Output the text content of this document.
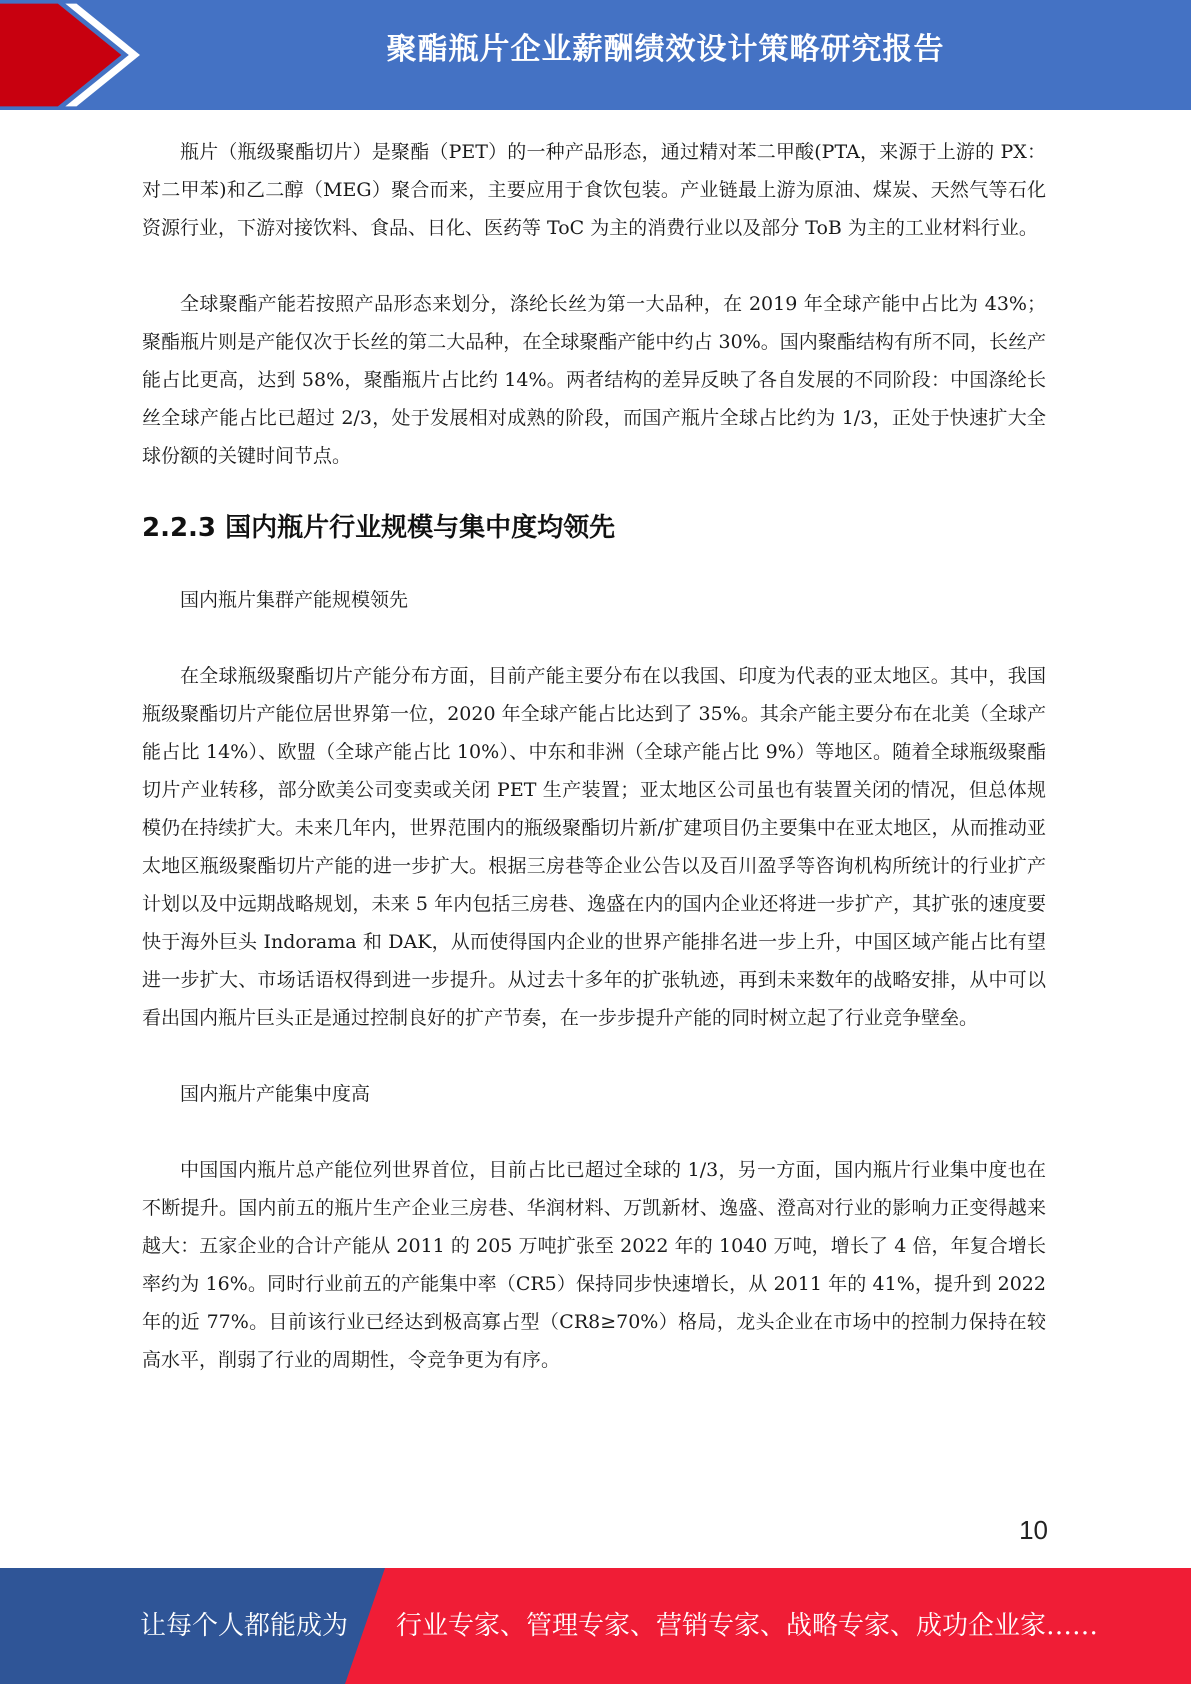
聚酯瓶片企业薪酬绩效设计策略研究报告

瓶片（瓶级聚酯切片）是聚酯（PET）的一种产品形态，通过精对苯二甲酸(PTA，来源于上游的 PX：对二甲苯)和乙二醇（MEG）聚合而来，主要应用于食饮包装。产业链最上游为原油、煤炭、天然气等石化资源行业，下游对接饮料、食品、日化、医药等 ToC 为主的消费行业以及部分 ToB 为主的工业材料行业。

全球聚酯产能若按照产品形态来划分，涤纶长丝为第一大品种，在 2019 年全球产能中占比为 43%；聚酯瓶片则是产能仅次于长丝的第二大品种，在全球聚酯产能中约占 30%。国内聚酯结构有所不同，长丝产能占比更高，达到 58%，聚酯瓶片占比约 14%。两者结构的差异反映了各自发展的不同阶段：中国涤纶长丝全球产能占比已超过 2/3，处于发展相对成熟的阶段，而国产瓶片全球占比约为 1/3，正处于快速扩大全球份额的关键时间节点。

2.2.3 国内瓶片行业规模与集中度均领先

国内瓶片集群产能规模领先

在全球瓶级聚酯切片产能分布方面，目前产能主要分布在以我国、印度为代表的亚太地区。其中，我国瓶级聚酯切片产能位居世界第一位，2020 年全球产能占比达到了 35%。其余产能主要分布在北美（全球产能占比 14%）、欧盟（全球产能占比 10%）、中东和非洲（全球产能占比 9%）等地区。随着全球瓶级聚酯切片产业转移，部分欧美公司变卖或关闭 PET 生产装置；亚太地区公司虽也有装置关闭的情况，但总体规模仍在持续扩大。未来几年内，世界范围内的瓶级聚酯切片新/扩建项目仍主要集中在亚太地区，从而推动亚太地区瓶级聚酯切片产能的进一步扩大。根据三房巷等企业公告以及百川盈孚等咨询机构所统计的行业扩产计划以及中远期战略规划，未来 5 年内包括三房巷、逸盛在内的国内企业还将进一步扩产，其扩张的速度要快于海外巨头 Indorama 和 DAK，从而使得国内企业的世界产能排名进一步上升，中国区域产能占比有望进一步扩大、市场话语权得到进一步提升。从过去十多年的扩张轨迹，再到未来数年的战略安排，从中可以看出国内瓶片巨头正是通过控制良好的扩产节奏，在一步步提升产能的同时树立起了行业竞争壁垒。

国内瓶片产能集中度高

中国国内瓶片总产能位列世界首位，目前占比已超过全球的 1/3，另一方面，国内瓶片行业集中度也在不断提升。国内前五的瓶片生产企业三房巷、华润材料、万凯新材、逸盛、澄高对行业的影响力正变得越来越大：五家企业的合计产能从 2011 的 205 万吨扩张至 2022 年的 1040 万吨，增长了 4 倍，年复合增长率约为 16%。同时行业前五的产能集中率（CR5）保持同步快速增长，从 2011 年的 41%，提升到 2022 年的近 77%。目前该行业已经达到极高寡占型（CR8≥70%）格局，龙头企业在市场中的控制力保持在较高水平，削弱了行业的周期性，令竞争更为有序。

10
让每个人都能成为 行业专家、管理专家、营销专家、战略专家、成功企业家……
